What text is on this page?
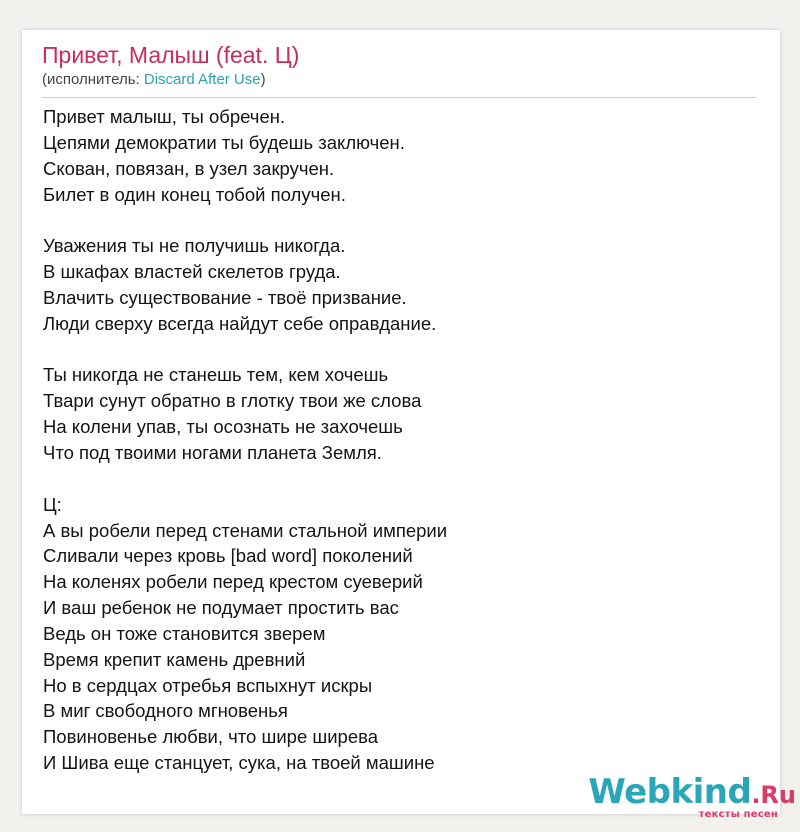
Привет, Малыш (feat. Ц)
(исполнитель: Discard After Use)
Привет малыш, ты обречен.
Цепями демократии ты будешь заключен.
Скован, повязан, в узел закручен.
Билет в один конец тобой получен.
Уважения ты не получишь никогда.
В шкафах властей скелетов груда.
Влачить существование - твоё призвание.
Люди сверху всегда найдут себе оправдание.
Ты никогда не станешь тем, кем хочешь
Твари сунут обратно в глотку твои же слова
На колени упав, ты осознать не захочешь
Что под твоими ногами планета Земля.
Ц:
А вы робели перед стенами стальной империи
Сливали через кровь [bad word] поколений
На коленях робели перед крестом суеверий
И ваш ребенок не подумает простить вас
Ведь он тоже становится зверем
Время крепит камень древний
Но в сердцах отребья вспыхнут искры
В миг свободного мгновенья
Повиновенье любви, что шире ширева
И Шива еще станцует, сука, на твоей машине
Webkind.Ru
тексты песен
